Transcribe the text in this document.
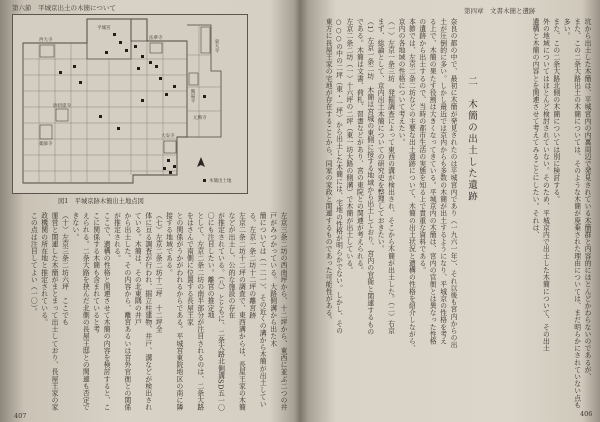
第六節　平城京出土の木簡について
西大寺
平城宮
法華寺
東大寺
興福寺
元興寺
唐招提寺
薬師寺
大安寺
木簡出土地
図1　平城京跡木簡出土地点図

左京三条二坊の西南坪から、十二坪から、東西に並ぶ二つの井戸がみつかっている。大路側溝から出た木

簡については（一二一）、その近くの溝から木簡が出土している。左京一条二坊十二坪の離宮跡

左京二条二坊十二坪の調査で、東西溝からは、長屋王家の木簡などが出土し、公的な施設の存在

が推定されている。（八）とともに、二条大路北側溝SD五一〇〇にも注目したい。離宮の推定地

として、左京二条二坊の南半部分が注目されるのは、二条大路をはさんで南側に位置する長屋王家

との関係がうかがわれるからである。平城宮東院地区の南に隣接する地域である。

（七）左京二条二坊十二坪　十二坪全

体に亘る調査が行われ、掘立柱建物、井戸、溝などが検出されている。木簡は、その北東隅の井戸

から出土した。その内容から、離宮あるいは宮外官衙との関係が推定される。

ここで、遺構の性格と関連させて木簡の内容を検討すると、ここに関係する木簡も含まれていると考

えられる。二条大路を挟んだ北側の長屋王邸との関連も否定できない。

（十）左京三条二坊六坪　ここでも

運営と関連した木簡がまとまって出土しており、長屋王家の家政機関の所在地と推定されている。

この点は注目してよい（一〇）。

407
第四章　文書木簡と遺跡

坑から出土した木簡は、平城宮内の内裏周辺で発見されている木簡群と内容的にほとんどかわらないのであるが、

また、この二条大路出土の木簡については、そのような木簡が廃棄された理由については、まだ明らかにされていない点も多い。

また、この二条大路北側の木簡については別に検討する。

外の地域についてはほとんど検討されていない。そのため、平城京内で出土した木簡について、その出土

遺構と木簡の内容とを関連させて考えてみることにしたい。それは、

二　木簡の出土した遺跡

奈良の都の中で、最初に木簡が発見されたのは平城宮内であり（一九六一年）、それ以後も宮内からの出

土が圧倒的に多い。しかし最近では京内からも多数の木簡が出土するようになり、平城京の性格を考え

る上で、木簡の果たす役割は大きくなってきている。平城京内の木簡は、宮内の官衙とは異なった性格

の遺跡から出土するので、当時の都市生活の実態を知る上で貴重な資料である。

本節では、左京二条二坊などの主要な出土遺跡について、木簡の出土状況と遺構の性格を紹介しながら、

京内の各地域の性格について考えたい。

（一）左京一条三坊　発掘調査によって東西の溝が検出され、そこから木簡が出土した。（二）右京

まず、総論として、京内出土木簡についての研究史を整理しておきたい。

（1）左京一条二坊　木簡は宮城の東側に接する地域から出土しており、宮内の官衙と関連するもの

である。木簡は文書、荷札、習書などがあり、宮の東院との関連が考えられる。

左京二条二坊（一）十六坪の二坪（東一坊大路の側溝）で木簡が出土している。

○○○の中の二坪（東・一坪）から出土した木簡には、宅地の性格が明らかでない。しかし、その

東方に長屋王家の宅地が存在することから、同家の家政と関連するものであった可能性がある。

406
